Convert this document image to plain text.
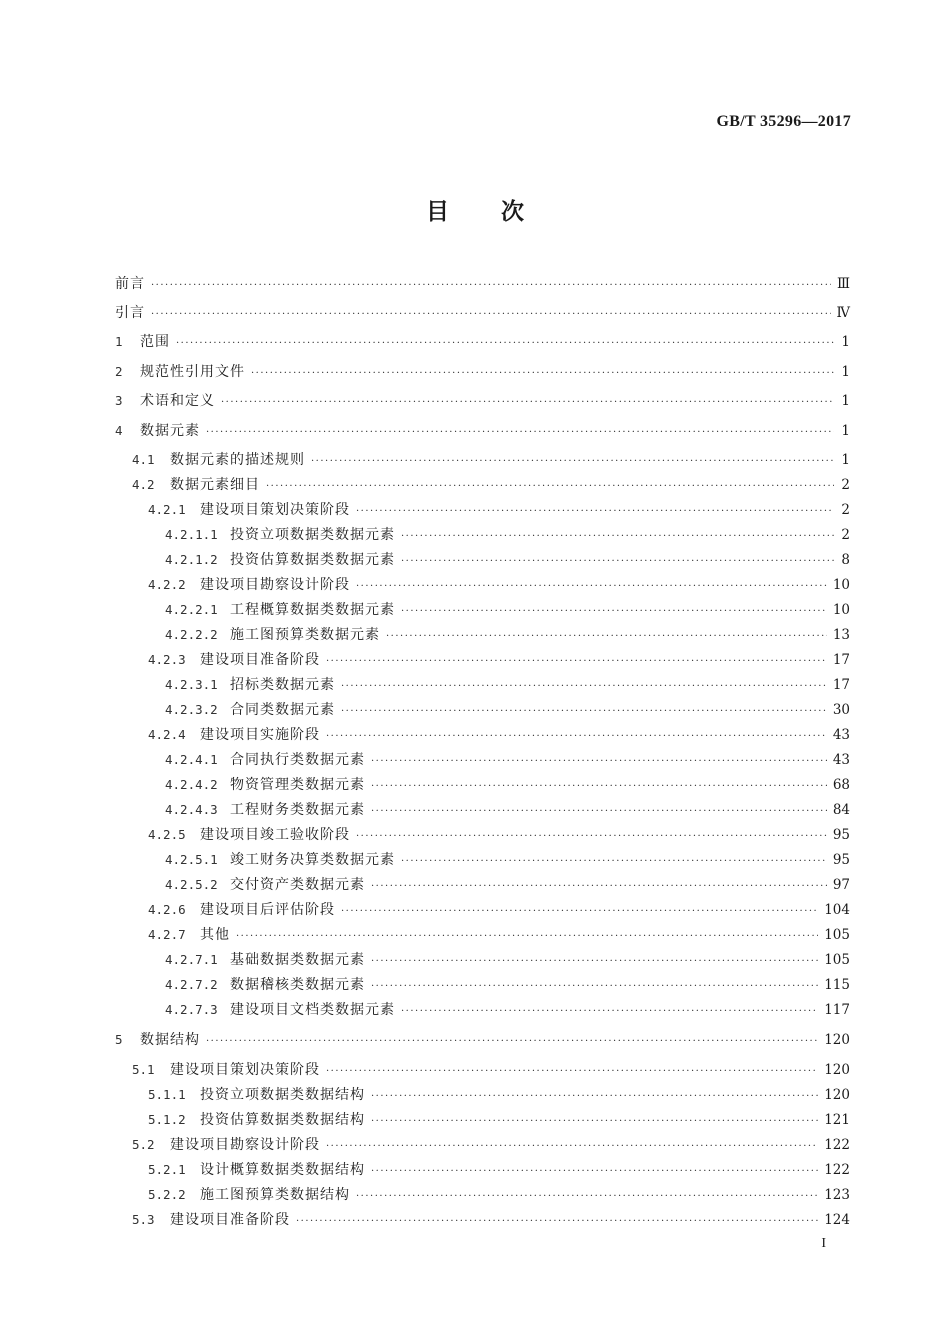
GB/T 35296—2017
目次
前言 ·····	Ⅲ
引言 ·····	Ⅳ
1	范围 ·····	1
2	规范性引用文件 ·····	1
3	术语和定义 ·····	1
4	数据元素 ·····	1
4.1	数据元素的描述规则 ·····	1
4.2	数据元素细目 ·····	2
4.2.1	建设项目策划决策阶段 ·····	2
4.2.1.1 投资立项数据类数据元素 ·····	2
4.2.1.2 投资估算数据类数据元素 ·····	8
4.2.2	建设项目勘察设计阶段 ·····	10
4.2.2.1 工程概算数据类数据元素 ·····	10
4.2.2.2 施工图预算类数据元素 ·····	13
4.2.3	建设项目准备阶段 ·····	17
4.2.3.1 招标类数据元素 ·····	17
4.2.3.2 合同类数据元素 ·····	30
4.2.4	建设项目实施阶段 ·····	43
4.2.4.1 合同执行类数据元素 ·····	43
4.2.4.2 物资管理类数据元素 ·····	68
4.2.4.3 工程财务类数据元素 ·····	84
4.2.5	建设项目竣工验收阶段 ·····	95
4.2.5.1 竣工财务决算类数据元素 ·····	95
4.2.5.2 交付资产类数据元素 ·····	97
4.2.6	建设项目后评估阶段 ·····	104
4.2.7	其他 ·····	105
4.2.7.1 基础数据类数据元素 ·····	105
4.2.7.2 数据稽核类数据元素 ·····	115
4.2.7.3 建设项目文档类数据元素 ·····	117
5	数据结构 ·····	120
5.1	建设项目策划决策阶段 ·····	120
5.1.1	投资立项数据类数据结构 ·····	120
5.1.2	投资估算数据类数据结构 ·····	121
5.2	建设项目勘察设计阶段 ·····	122
5.2.1	设计概算数据类数据结构 ·····	122
5.2.2	施工图预算类数据结构 ·····	123
5.3	建设项目准备阶段 ·····	124
I
